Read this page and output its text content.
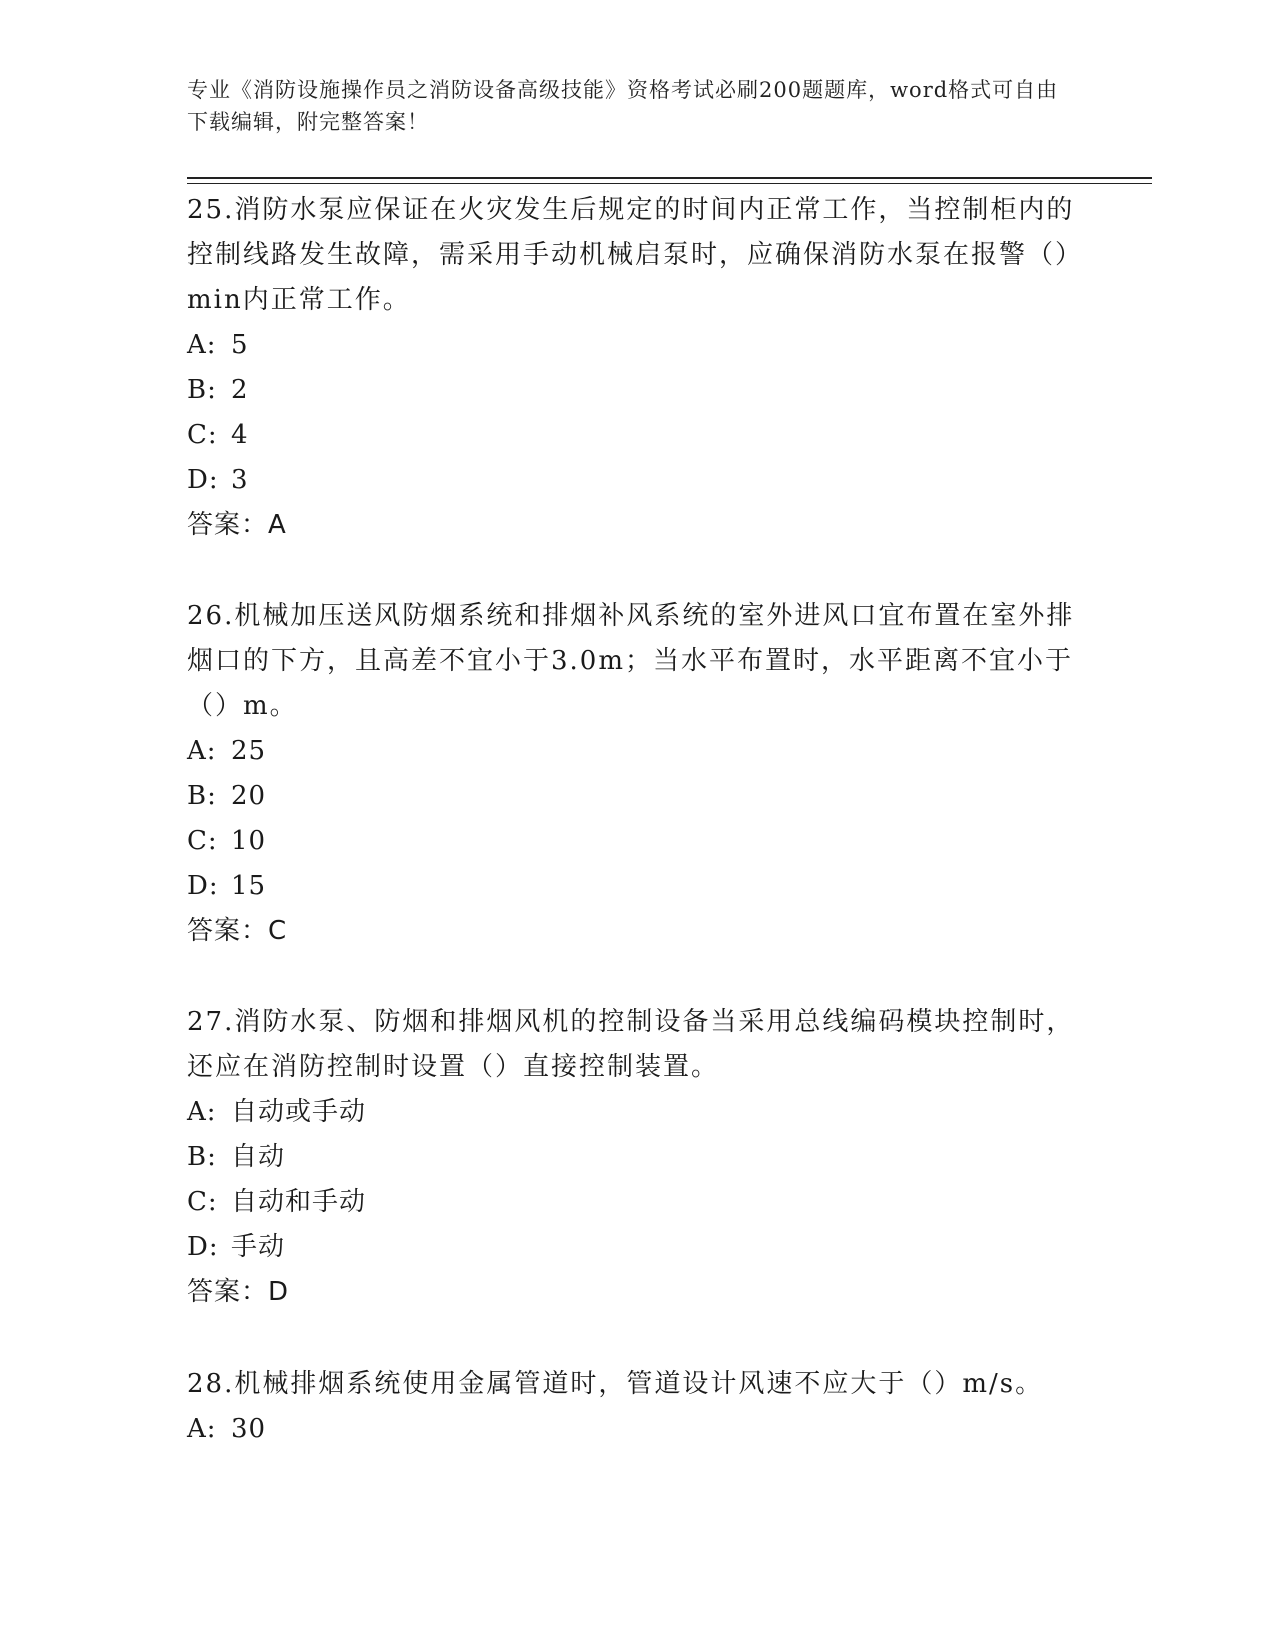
专业《消防设施操作员之消防设备高级技能》资格考试必刷200题题库，word格式可自由下载编辑，附完整答案！

25.消防水泵应保证在火灾发生后规定的时间内正常工作，当控制柜内的控制线路发生故障，需采用手动机械启泵时，应确保消防水泵在报警（）min内正常工作。

A: 5

B: 2

C: 4

D: 3

答案：A

26.机械加压送风防烟系统和排烟补风系统的室外进风口宜布置在室外排烟口的下方，且高差不宜小于3.0m；当水平布置时，水平距离不宜小于（）m。

A: 25

B: 20

C: 10

D: 15

答案：C

27.消防水泵、防烟和排烟风机的控制设备当采用总线编码模块控制时，还应在消防控制时设置（）直接控制装置。

A: 自动或手动

B: 自动

C: 自动和手动

D: 手动

答案：D

28.机械排烟系统使用金属管道时，管道设计风速不应大于（）m/s。

A: 30
